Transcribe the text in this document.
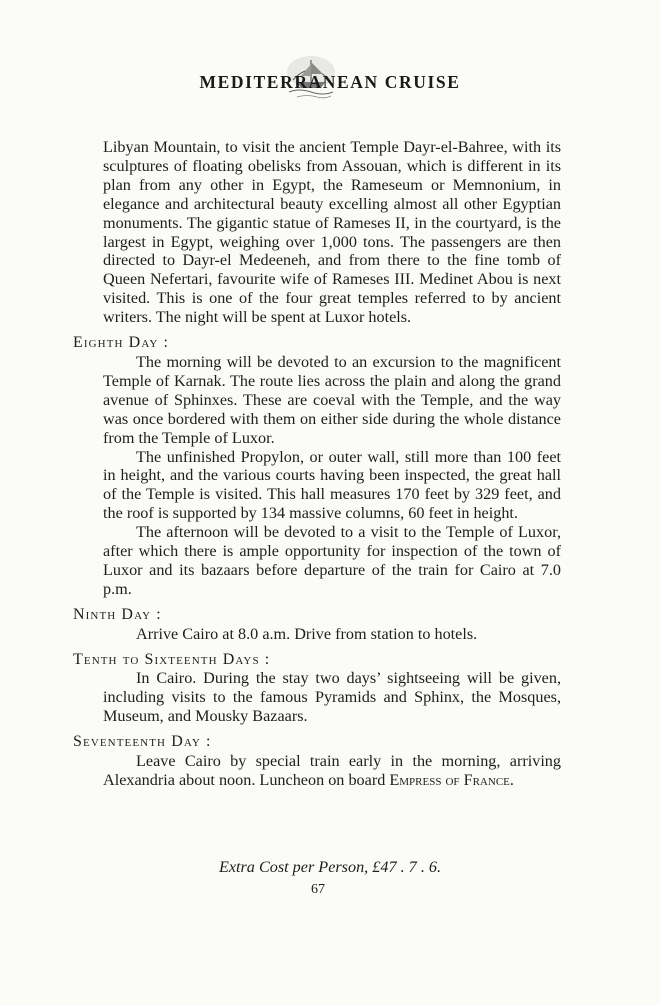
MEDITERRANEAN CRUISE

Libyan Mountain, to visit the ancient Temple Dayr-el-Bahree, with its sculptures of floating obelisks from Assouan, which is different in its plan from any other in Egypt, the Rameseum or Memnonium, in elegance and architectural beauty excelling almost all other Egyptian monuments. The gigantic statue of Rameses II, in the courtyard, is the largest in Egypt, weighing over 1,000 tons. The passengers are then directed to Dayr-el Medeeneh, and from there to the fine tomb of Queen Nefertari, favourite wife of Rameses III. Medinet Abou is next visited. This is one of the four great temples referred to by ancient writers. The night will be spent at Luxor hotels.

Eighth Day :

The morning will be devoted to an excursion to the magnificent Temple of Karnak. The route lies across the plain and along the grand avenue of Sphinxes. These are coeval with the Temple, and the way was once bordered with them on either side during the whole distance from the Temple of Luxor.

The unfinished Propylon, or outer wall, still more than 100 feet in height, and the various courts having been inspected, the great hall of the Temple is visited. This hall measures 170 feet by 329 feet, and the roof is supported by 134 massive columns, 60 feet in height.

The afternoon will be devoted to a visit to the Temple of Luxor, after which there is ample opportunity for inspection of the town of Luxor and its bazaars before departure of the train for Cairo at 7.0 p.m.

Ninth Day :

Arrive Cairo at 8.0 a.m. Drive from station to hotels.

Tenth to Sixteenth Days :

In Cairo. During the stay two days’ sightseeing will be given, including visits to the famous Pyramids and Sphinx, the Mosques, Museum, and Mousky Bazaars.

Seventeenth Day :

Leave Cairo by special train early in the morning, arriving Alexandria about noon. Luncheon on board Empress of France.

Extra Cost per Person, £47 . 7 . 6.
67
